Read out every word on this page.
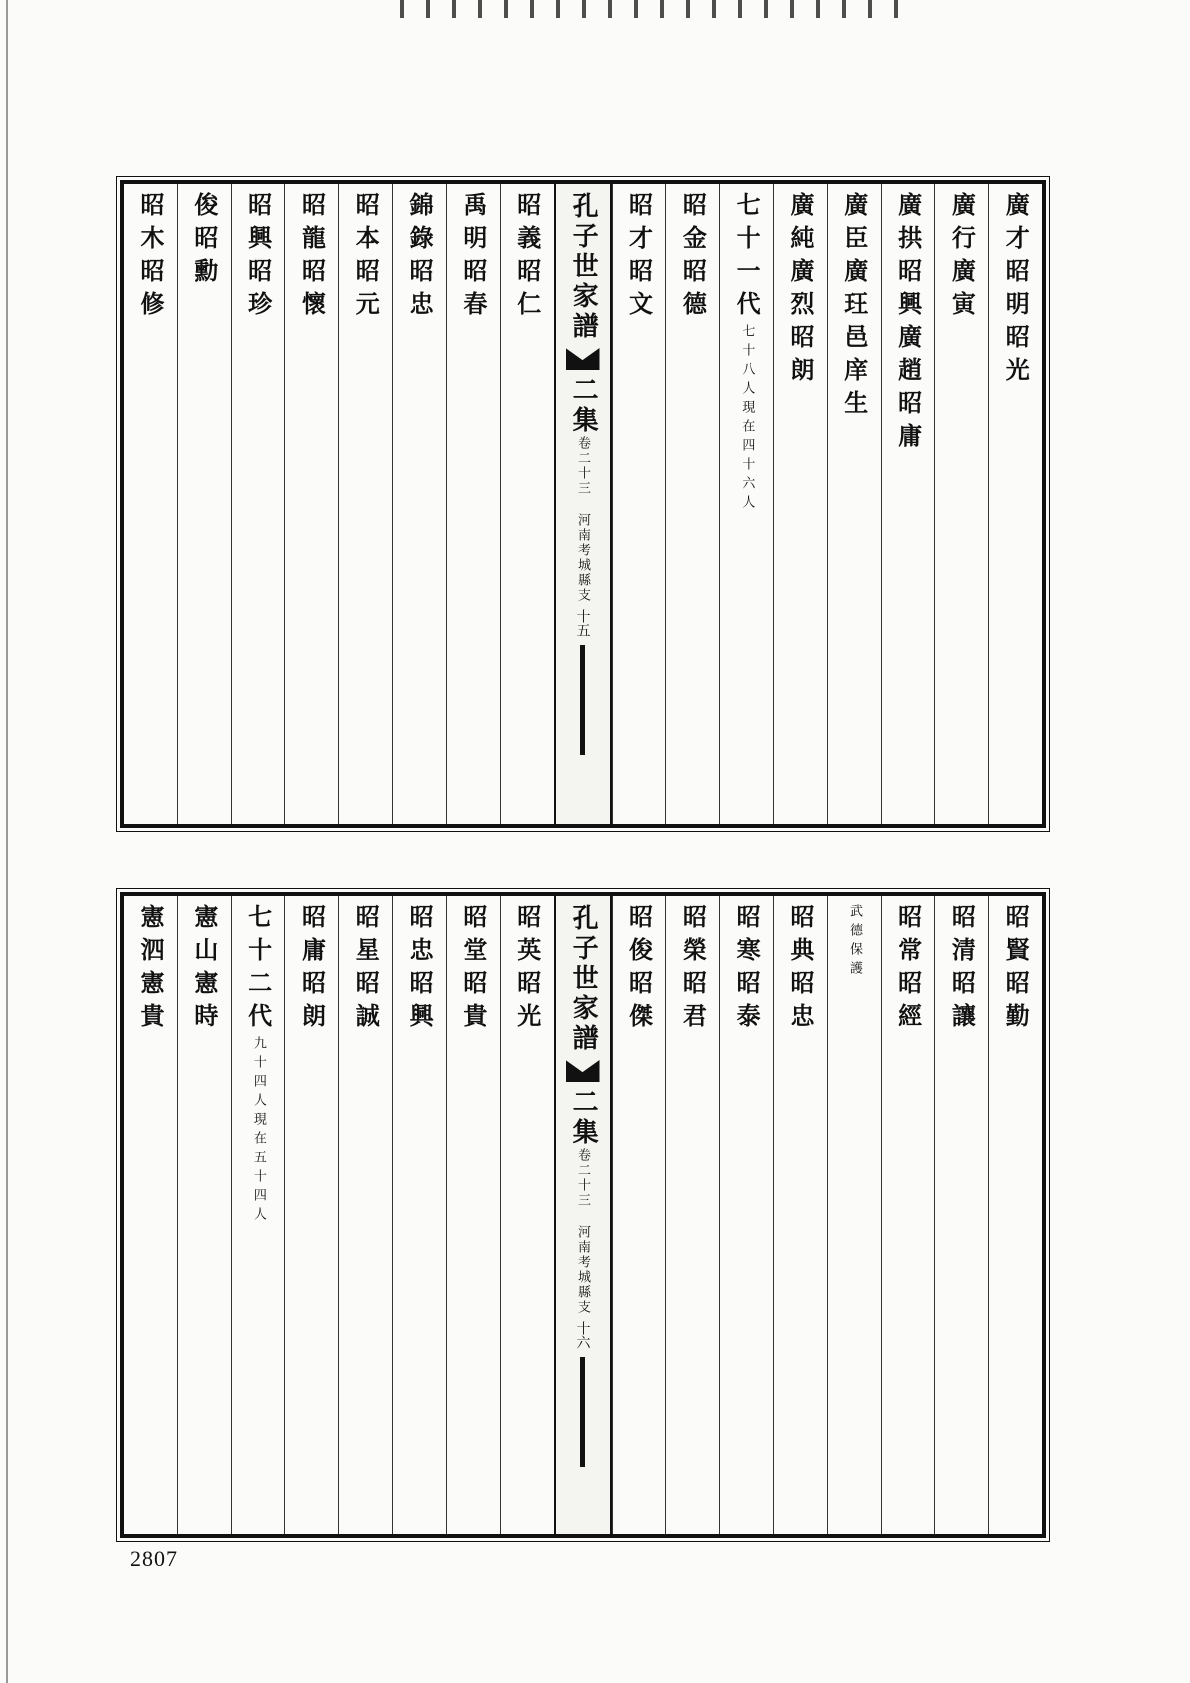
廣才昭明昭光
廣行
廣寅
廣拱昭興
廣趙昭庸
廣臣
廣玨邑庠生
廣純
廣烈昭朗
七十一代
七十八人
現在四十六人
昭金
昭德
昭才
昭文
孔子世家譜
二集
卷二十三 河南考城縣支
十五
昭義
昭仁
禹明
昭春
錦錄
昭忠
昭本
昭元
昭龍
昭懷
昭興
昭珍
俊
昭勳
昭木
昭修
昭賢
昭勤
昭清
昭讓
昭常
昭經
武德
保護
昭典
昭忠
昭寒
昭泰
昭榮
昭君
昭俊
昭傑
孔子世家譜
二集
卷二十三 河南考城縣支
十六
昭英
昭光
昭堂
昭貴
昭忠
昭興
昭星
昭誠
昭庸
昭朗
七十二代
九十四人
現在五十四人
憲山
憲時
憲泗
憲貴
2807
